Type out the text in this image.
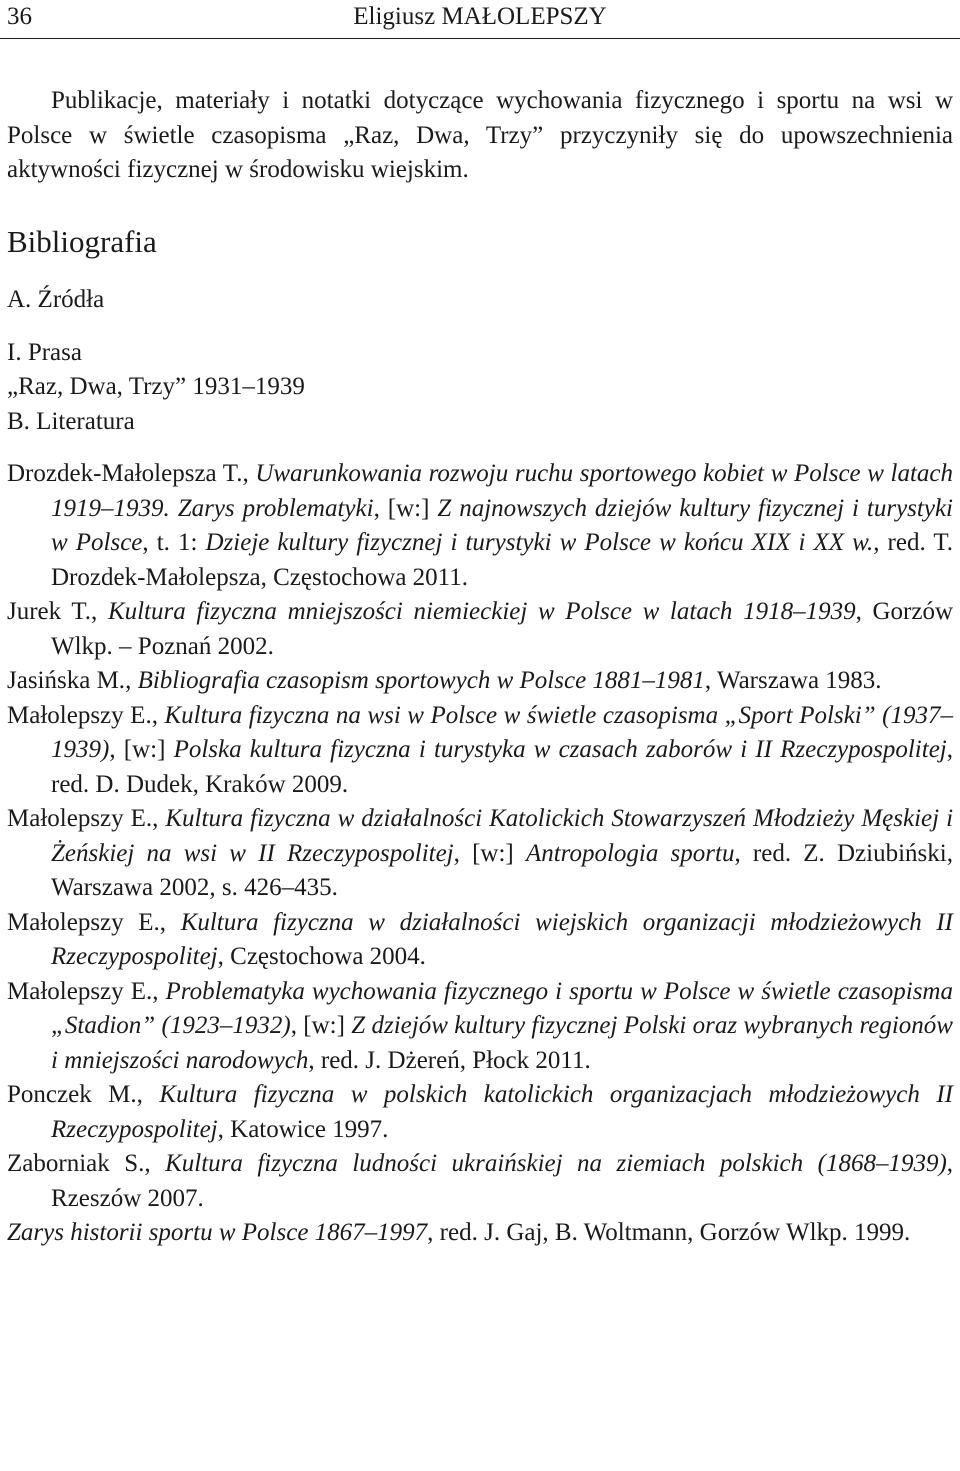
36	Eligiusz MAŁOLEPSZY

Publikacje, materiały i notatki dotyczące wychowania fizycznego i sportu na wsi w Polsce w świetle czasopisma „Raz, Dwa, Trzy” przyczyniły się do upowszechnienia aktywności fizycznej w środowisku wiejskim.

Bibliografia
A. Źródła
I. Prasa
„Raz, Dwa, Trzy” 1931–1939
B. Literatura

Drozdek-Małolepsza T., Uwarunkowania rozwoju ruchu sportowego kobiet w Polsce w latach 1919–1939. Zarys problematyki, [w:] Z najnowszych dziejów kultury fizycznej i turystyki w Polsce, t. 1: Dzieje kultury fizycznej i turystyki w Polsce w końcu XIX i XX w., red. T. Drozdek-Małolepsza, Częstochowa 2011.

Jurek T., Kultura fizyczna mniejszości niemieckiej w Polsce w latach 1918–1939, Gorzów Wlkp. – Poznań 2002.

Jasińska M., Bibliografia czasopism sportowych w Polsce 1881–1981, Warszawa 1983.

Małolepszy E., Kultura fizyczna na wsi w Polsce w świetle czasopisma „Sport Polski” (1937–1939), [w:] Polska kultura fizyczna i turystyka w czasach zaborów i II Rzeczypospolitej, red. D. Dudek, Kraków 2009.

Małolepszy E., Kultura fizyczna w działalności Katolickich Stowarzyszeń Młodzieży Męskiej i Żeńskiej na wsi w II Rzeczypospolitej, [w:] Antropologia sportu, red. Z. Dziubiński, Warszawa 2002, s. 426–435.

Małolepszy E., Kultura fizyczna w działalności wiejskich organizacji młodzieżowych II Rzeczypospolitej, Częstochowa 2004.

Małolepszy E., Problematyka wychowania fizycznego i sportu w Polsce w świetle czasopisma „Stadion” (1923–1932), [w:] Z dziejów kultury fizycznej Polski oraz wybranych regionów i mniejszości narodowych, red. J. Dżereń, Płock 2011.

Ponczek M., Kultura fizyczna w polskich katolickich organizacjach młodzieżowych II Rzeczypospolitej, Katowice 1997.

Zaborniak S., Kultura fizyczna ludności ukraińskiej na ziemiach polskich (1868–1939), Rzeszów 2007.

Zarys historii sportu w Polsce 1867–1997, red. J. Gaj, B. Woltmann, Gorzów Wlkp. 1999.
